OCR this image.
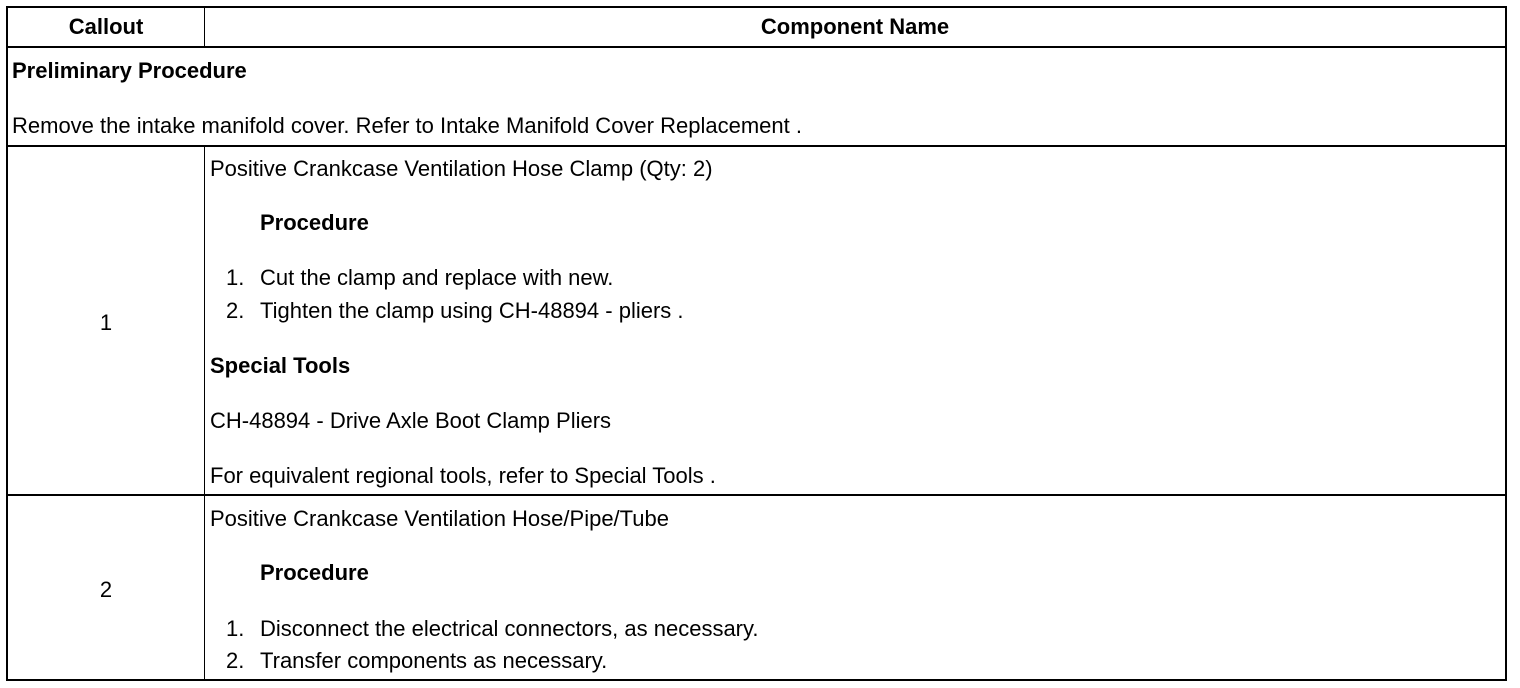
Callout	Component Name
Preliminary Procedure
Remove the intake manifold cover. Refer to Intake Manifold Cover Replacement .
1
Positive Crankcase Ventilation Hose Clamp (Qty: 2)
Procedure
1. Cut the clamp and replace with new.
2. Tighten the clamp using CH-48894 - pliers .
Special Tools
CH-48894 - Drive Axle Boot Clamp Pliers
For equivalent regional tools, refer to Special Tools .
2
Positive Crankcase Ventilation Hose/Pipe/Tube
Procedure
1. Disconnect the electrical connectors, as necessary.
2. Transfer components as necessary.
